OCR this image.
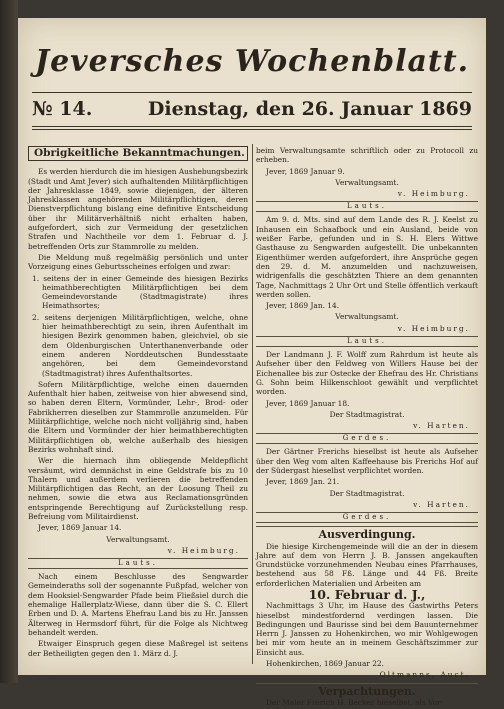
Jeversches Wochenblatt.
№ 14.	Dienstag, den 26. Januar 1869
Obrigkeitliche Bekanntmachungen.

Es werden hierdurch die im hiesigen Aushebungsbezirk (Stadt und Amt Jever) sich aufhaltenden Militärpflichtigen der Jahresklasse 1849, sowie diejenigen, der älteren Jahresklassen angehörenden Militärpflichtigen, deren Dienstverpflichtung bislang eine definitive Entscheidung über ihr Militärverhältniß nicht erhalten haben, aufgefordert, sich zur Vermeidung der gesetzlichen Strafen und Nachtheile vor dem 1. Februar d. J. betreffenden Orts zur Stammrolle zu melden.

Die Meldung muß regelmäßig persönlich und unter Vorzeigung eines Geburtsscheines erfolgen und zwar:

1. seitens der in einer Gemeinde des hiesigen Bezirks heimathberechtigten Militärpflichtigen bei dem Gemeindevorstande (Stadtmagistrate) ihres Heimathsortes;

2. seitens derjenigen Militärpflichtigen, welche, ohne hier heimathberechtigt zu sein, ihren Aufenthalt im hiesigen Bezirk genommen haben, gleichviel, ob sie dem Oldenburgischen Unterthanenverbande oder einem anderen Norddeutschen Bundesstaate angehören, bei dem Gemeindevorstand (Stadtmagistrat) ihres Aufenthaltsortes.

Sofern Militärpflichtige, welche einen dauernden Aufenthalt hier haben, zeitweise von hier abwesend sind, so haben deren Eltern, Vormünder, Lehr-, Brod- oder Fabrikherren dieselben zur Stammrolle anzumelden. Für Militärpflichtige, welche noch nicht volljährig sind, haben die Eltern und Vormünder der hier heimathberechtigten Militärpflichtigen ob, welche außerhalb des hiesigen Bezirks wohnhaft sind.

Wer die hiernach ihm obliegende Meldepflicht versäumt, wird demnächst in eine Geldstrafe bis zu 10 Thalern und außerdem verlieren die betreffenden Militärpflichtigen das Recht, an der Loosung Theil zu nehmen, sowie die etwa aus Reclamationsgründen entspringende Berechtigung auf Zurückstellung resp. Befreiung vom Militairdienst.

Jever, 1869 Januar 14.

Verwaltungsamt.

v. Heimburg.

Lauts.

Nach einem Beschlusse des Sengwarder Gemeinderaths soll der sogenannte Fußpfad, welcher von dem Hooksiel-Sengwarder Pfade beim Fließsiel durch die ehemalige Hallerplatz-Wiese, dann über die S. C. Ellert Erben und D. A. Martens Ehefrau Land bis zu Hr. Janssen Älterweg in Hermsdorf führt, für die Folge als Nichtweg behandelt werden.

Etwaiger Einspruch gegen diese Maßregel ist seitens der Betheiligten gegen den 1. März d. J.

beim Verwaltungsamte schriftlich oder zu Protocoll zu erheben.

Jever, 1869 Januar 9.

Verwaltungsamt.

v. Heimburg.

Lauts.

Am 9. d. Mts. sind auf dem Lande des R. J. Keelst zu Inhausen ein Schaafbock und ein Ausland, beide von weißer Farbe, gefunden und in S. H. Elers Wittwe Gasthause zu Sengwarden aufgestellt. Die unbekannten Eigenthümer werden aufgefordert, ihre Ansprüche gegen den 29. d. M. anzumelden und nachzuweisen, widrigenfalls die geschätzten Thiere an dem genannten Tage, Nachmittags 2 Uhr Ort und Stelle öffentlich verkauft werden sollen.

Jever, 1869 Jan. 14.

Verwaltungsamt.

v. Heimburg.

Lauts.

Der Landmann J. F. Wolff zum Rahrdum ist heute als Aufseher über den Feldweg von Willers Hause bei der Eichenallee bis zur Ostecke der Ehefrau des Hr. Christians G. Sohn beim Hilkenschloot gewählt und verpflichtet worden.

Jever, 1869 Januar 18.

Der Stadtmagistrat.

v. Harten.

Gerdes.

Der Gärtner Frerichs hieselbst ist heute als Aufseher über den Weg vom alten Kaffeehause bis Frerichs Hof auf der Südergast hieselbst verpflichtet worden.

Jever, 1869 Jan. 21.

Der Stadtmagistrat.

v. Harten.

Gerdes.
Ausverdingung.

Die hiesige Kirchengemeinde will die an der in diesem Jahre auf dem von Herrn J. B. Janssen angekauften Grundstücke vorzunehmenden Neubau eines Pfarrhauses, bestehend aus 58 Fß. Länge und 44 Fß. Breite erforderlichen Materialien und Arbeiten am

10. Februar d. J.,

Nachmittags 3 Uhr, im Hause des Gastwirths Peters hieselbst mindestfordernd verdingen lassen. Die Bedingungen und Baurisse sind bei dem Bauunternehmer Herrn J. Janssen zu Hohenkirchen, wo mir Wohlgewogen bei mir vom heute an in meinem Geschäftszimmer zur Einsicht aus.

Hohenkirchen, 1869 Januar 22.

Oltmanns, Auct.

Verpachtungen.

Der Maler Frerich H. Becker hieselbst, als Vor-
